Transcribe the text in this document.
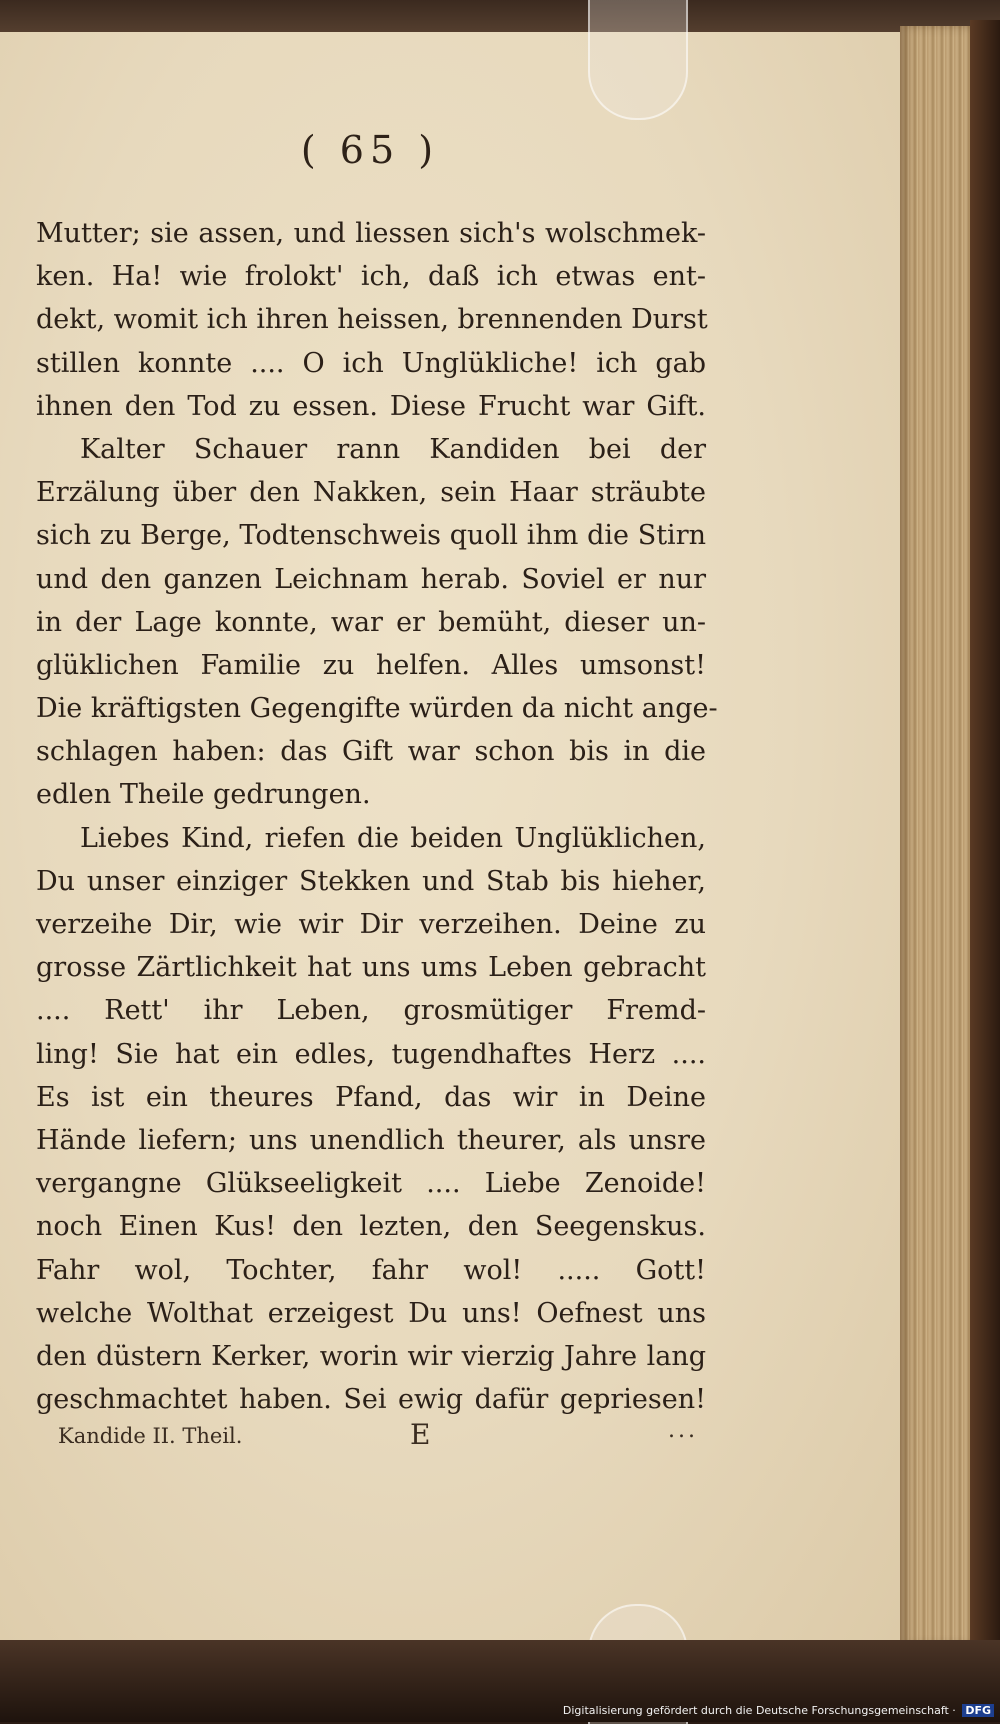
( 65 )
Mutter; sie assen, und liessen sich's wolschmek-
ken. Ha! wie frolokt' ich, daß ich etwas ent-
dekt, womit ich ihren heissen, brennenden Durst
stillen konnte .... O ich Unglükliche! ich gab
ihnen den Tod zu essen. Diese Frucht war Gift.
Kalter Schauer rann Kandiden bei der
Erzälung über den Nakken, sein Haar sträubte
sich zu Berge, Todtenschweis quoll ihm die Stirn
und den ganzen Leichnam herab. Soviel er nur
in der Lage konnte, war er bemüht, dieser un-
glüklichen Familie zu helfen. Alles umsonst!
Die kräftigsten Gegengifte würden da nicht ange-
schlagen haben: das Gift war schon bis in die
edlen Theile gedrungen.
Liebes Kind, riefen die beiden Unglüklichen,
Du unser einziger Stekken und Stab bis hieher,
verzeihe Dir, wie wir Dir verzeihen. Deine zu
grosse Zärtlichkeit hat uns ums Leben gebracht
.... Rett' ihr Leben, grosmütiger Fremd-
ling! Sie hat ein edles, tugendhaftes Herz ....
Es ist ein theures Pfand, das wir in Deine
Hände liefern; uns unendlich theurer, als unsre
vergangne Glükseeligkeit .... Liebe Zenoide!
noch Einen Kus! den lezten, den Seegenskus.
Fahr wol, Tochter, fahr wol! ..... Gott!
welche Wolthat erzeigest Du uns! Oefnest uns
den düstern Kerker, worin wir vierzig Jahre lang
geschmachtet haben. Sei ewig dafür gepriesen!
Kandide II. Theil.	E	...
Digitalisierung gefördert durch die Deutsche Forschungsgemeinschaft · DFG
